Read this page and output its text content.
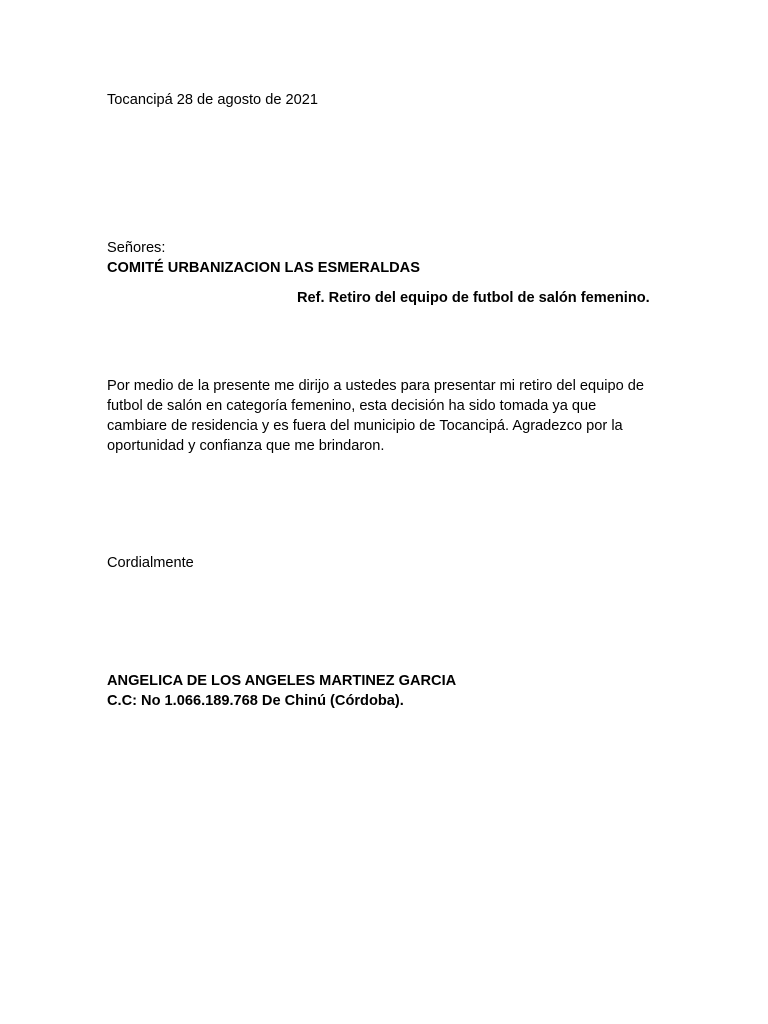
Tocancipá 28 de agosto de 2021
Señores:
COMITÉ URBANIZACION LAS ESMERALDAS
Ref. Retiro del equipo de futbol de salón femenino.
Por medio de la presente me dirijo a ustedes para presentar mi retiro del equipo de
futbol de salón en categoría femenino, esta decisión ha sido tomada ya que
cambiare de residencia y es fuera del municipio de Tocancipá. Agradezco por la
oportunidad y confianza que me brindaron.
Cordialmente
ANGELICA DE LOS ANGELES MARTINEZ GARCIA
C.C: No 1.066.189.768 De Chinú (Córdoba).
